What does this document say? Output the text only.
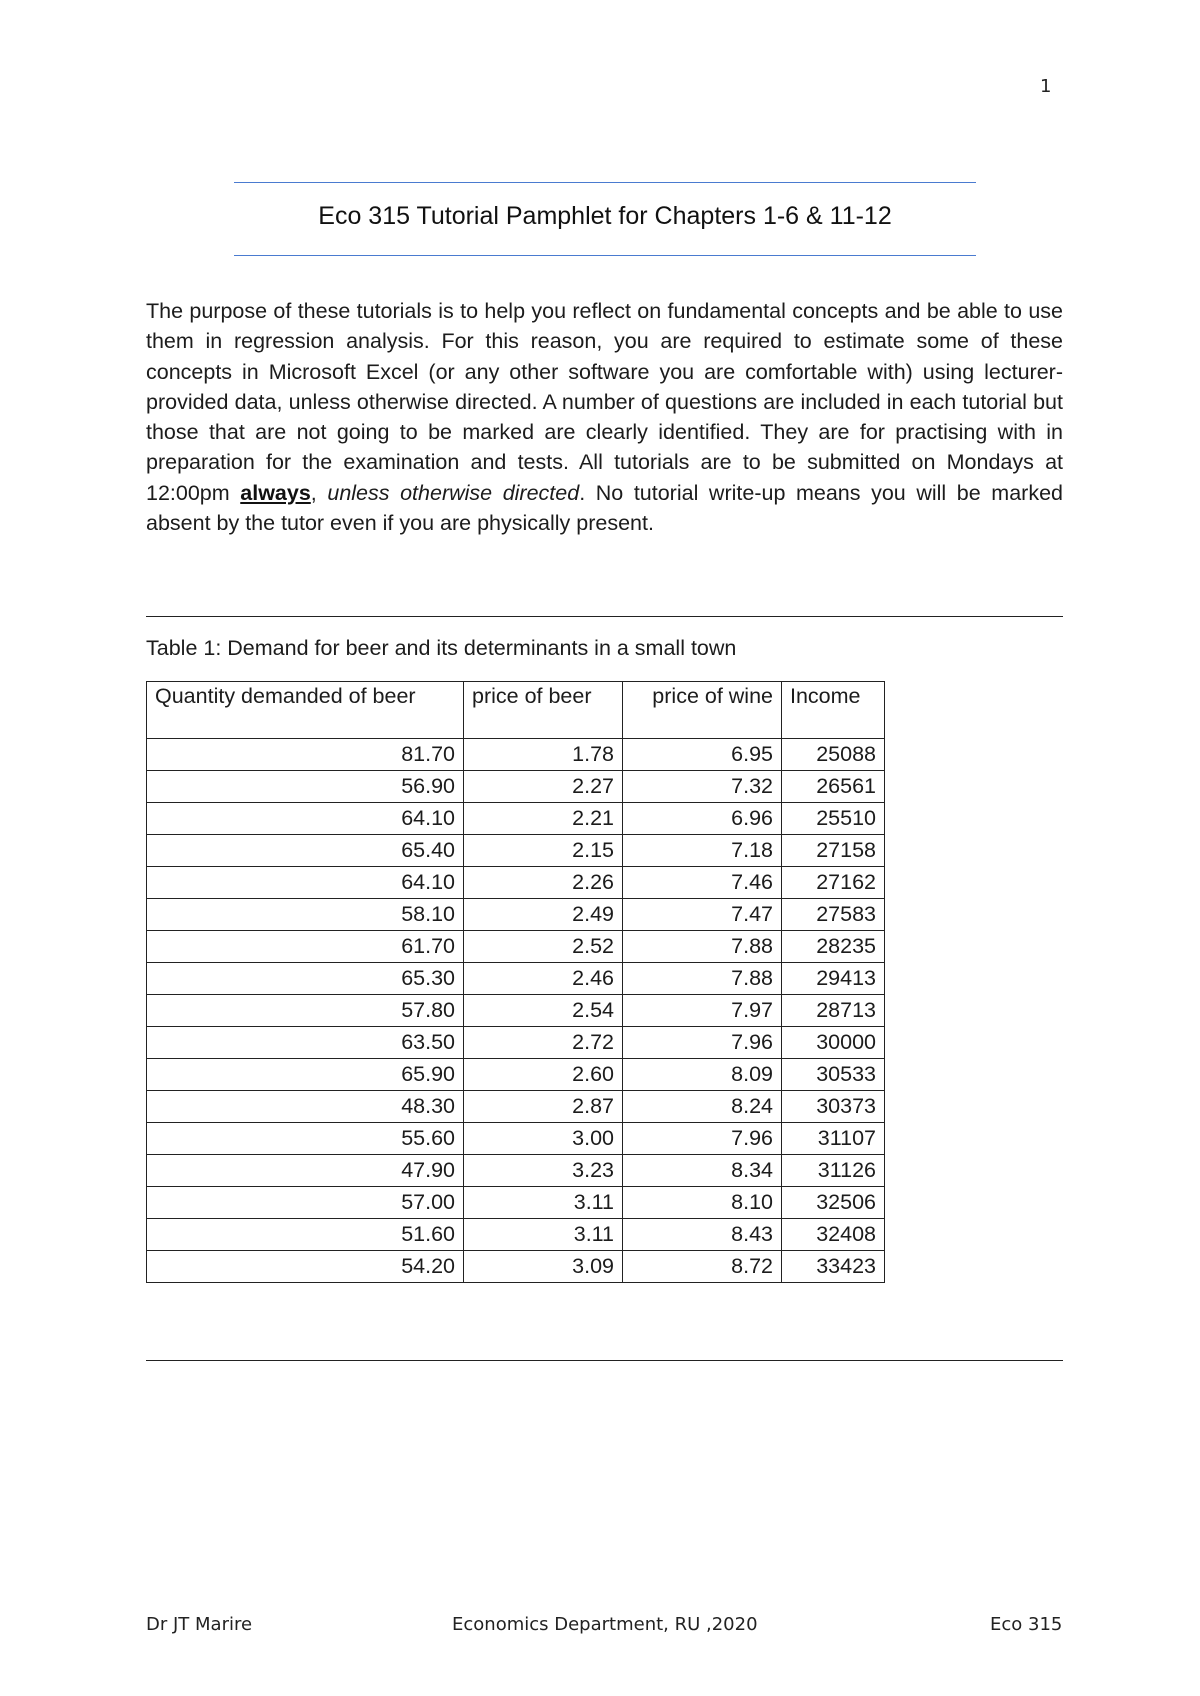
1
Eco 315 Tutorial Pamphlet for Chapters 1-6 & 11-12

The purpose of these tutorials is to help you reflect on fundamental concepts and be able to use them in regression analysis. For this reason, you are required to estimate some of these concepts in Microsoft Excel (or any other software you are comfortable with) using lecturer-provided data, unless otherwise directed. A number of questions are included in each tutorial but those that are not going to be marked are clearly identified. They are for practising with in preparation for the examination and tests. All tutorials are to be submitted on Mondays at 12:00pm always, unless otherwise directed. No tutorial write-up means you will be marked absent by the tutor even if you are physically present.

Table 1: Demand for beer and its determinants in a small town
Quantity demanded of beer	price of beer	price of wine	Income
81.70	1.78	6.95	25088
56.90	2.27	7.32	26561
64.10	2.21	6.96	25510
65.40	2.15	7.18	27158
64.10	2.26	7.46	27162
58.10	2.49	7.47	27583
61.70	2.52	7.88	28235
65.30	2.46	7.88	29413
57.80	2.54	7.97	28713
63.50	2.72	7.96	30000
65.90	2.60	8.09	30533
48.30	2.87	8.24	30373
55.60	3.00	7.96	31107
47.90	3.23	8.34	31126
57.00	3.11	8.10	32506
51.60	3.11	8.43	32408
54.20	3.09	8.72	33423
Dr JT Marire	Economics Department, RU ,2020	Eco 315
